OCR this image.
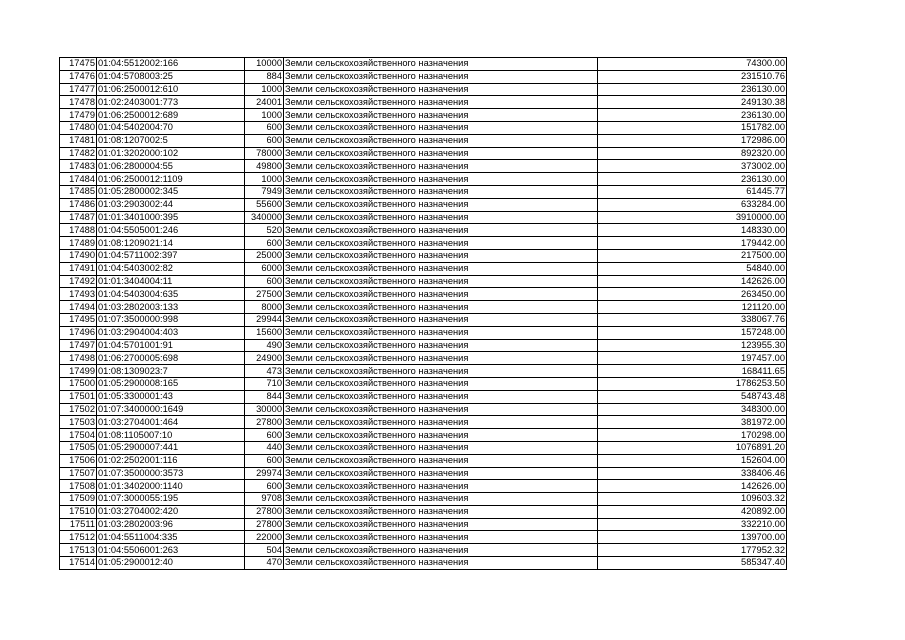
17475	01:04:5512002:166	10000	Земли сельскохозяйственного назначения	74300.00
17476	01:04:5708003:25	884	Земли сельскохозяйственного назначения	231510.76
17477	01:06:2500012:610	1000	Земли сельскохозяйственного назначения	236130.00
17478	01:02:2403001:773	24001	Земли сельскохозяйственного назначения	249130.38
17479	01:06:2500012:689	1000	Земли сельскохозяйственного назначения	236130.00
17480	01:04:5402004:70	600	Земли сельскохозяйственного назначения	151782.00
17481	01:08:1207002:5	600	Земли сельскохозяйственного назначения	172986.00
17482	01:01:3202000:102	78000	Земли сельскохозяйственного назначения	892320.00
17483	01:06:2800004:55	49800	Земли сельскохозяйственного назначения	373002.00
17484	01:06:2500012:1109	1000	Земли сельскохозяйственного назначения	236130.00
17485	01:05:2800002:345	7949	Земли сельскохозяйственного назначения	61445.77
17486	01:03:2903002:44	55600	Земли сельскохозяйственного назначения	633284.00
17487	01:01:3401000:395	340000	Земли сельскохозяйственного назначения	3910000.00
17488	01:04:5505001:246	520	Земли сельскохозяйственного назначения	148330.00
17489	01:08:1209021:14	600	Земли сельскохозяйственного назначения	179442.00
17490	01:04:5711002:397	25000	Земли сельскохозяйственного назначения	217500.00
17491	01:04:5403002:82	6000	Земли сельскохозяйственного назначения	54840.00
17492	01:01:3404004:11	600	Земли сельскохозяйственного назначения	142626.00
17493	01:04:5403004:635	27500	Земли сельскохозяйственного назначения	263450.00
17494	01:03:2802003:133	8000	Земли сельскохозяйственного назначения	121120.00
17495	01:07:3500000:998	29944	Земли сельскохозяйственного назначения	338067.76
17496	01:03:2904004:403	15600	Земли сельскохозяйственного назначения	157248.00
17497	01:04:5701001:91	490	Земли сельскохозяйственного назначения	123955.30
17498	01:06:2700005:698	24900	Земли сельскохозяйственного назначения	197457.00
17499	01:08:1309023:7	473	Земли сельскохозяйственного назначения	168411.65
17500	01:05:2900008:165	710	Земли сельскохозяйственного назначения	1786253.50
17501	01:05:3300001:43	844	Земли сельскохозяйственного назначения	548743.48
17502	01:07:3400000:1649	30000	Земли сельскохозяйственного назначения	348300.00
17503	01:03:2704001:464	27800	Земли сельскохозяйственного назначения	381972.00
17504	01:08:1105007:10	600	Земли сельскохозяйственного назначения	170298.00
17505	01:05:2900007:441	440	Земли сельскохозяйственного назначения	1076891.20
17506	01:02:2502001:116	600	Земли сельскохозяйственного назначения	152604.00
17507	01:07:3500000:3573	29974	Земли сельскохозяйственного назначения	338406.46
17508	01:01:3402000:1140	600	Земли сельскохозяйственного назначения	142626.00
17509	01:07:3000055:195	9708	Земли сельскохозяйственного назначения	109603.32
17510	01:03:2704002:420	27800	Земли сельскохозяйственного назначения	420892.00
17511	01:03:2802003:96	27800	Земли сельскохозяйственного назначения	332210.00
17512	01:04:5511004:335	22000	Земли сельскохозяйственного назначения	139700.00
17513	01:04:5506001:263	504	Земли сельскохозяйственного назначения	177952.32
17514	01:05:2900012:40	470	Земли сельскохозяйственного назначения	585347.40
